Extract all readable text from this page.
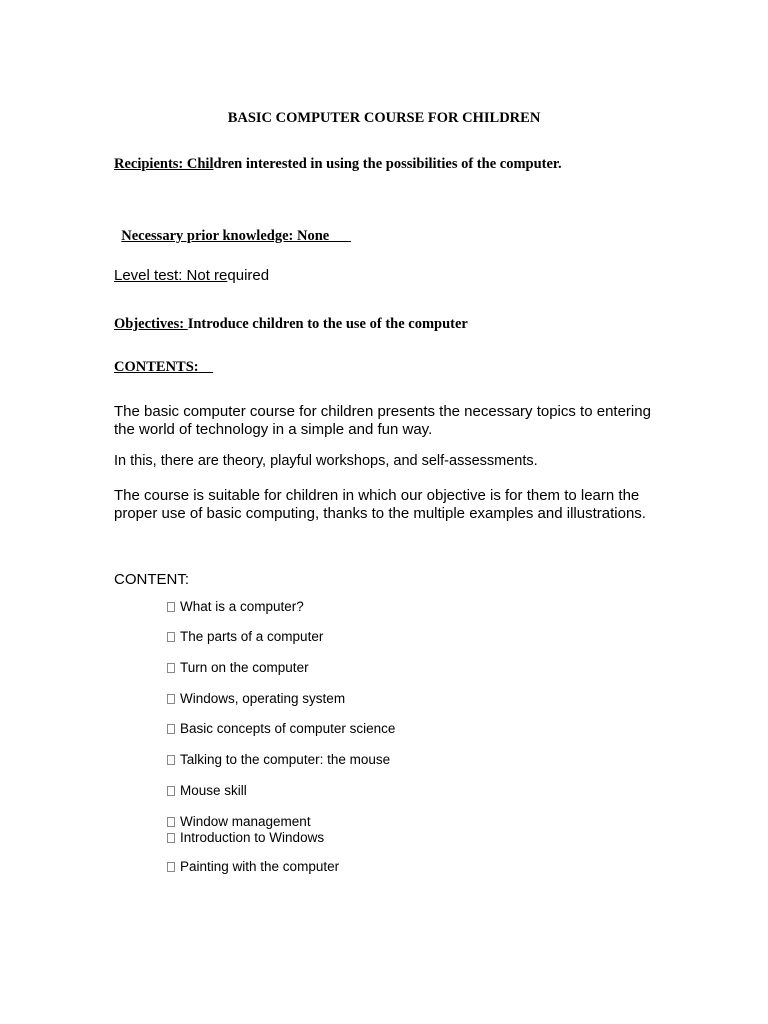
BASIC COMPUTER COURSE FOR CHILDREN
Recipients: Children interested in using the possibilities of the computer.

Necessary prior knowledge: None

Level test: Not required
Objectives: Introduce children to the use of the computer
CONTENTS:

The basic computer course for children presents the necessary topics to entering the world of technology in a simple and fun way.

In this, there are theory, playful workshops, and self-assessments.

The course is suitable for children in which our objective is for them to learn the proper use of basic computing, thanks to the multiple examples and illustrations.

CONTENT:
What is a computer?
The parts of a computer
Turn on the computer
Windows, operating system
Basic concepts of computer science
Talking to the computer: the mouse
Mouse skill
Window management
Introduction to Windows
Painting with the computer
